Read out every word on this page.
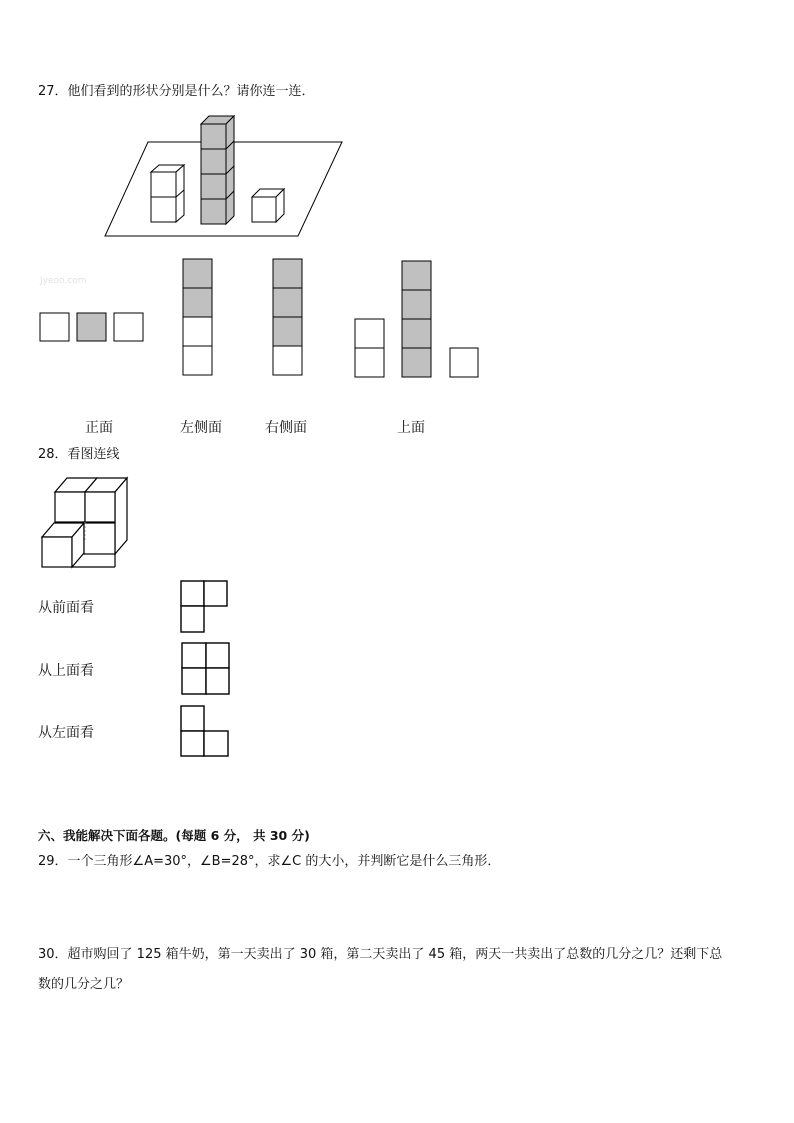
27．他们看到的形状分别是什么？请你连一连．
Jyeoo.com
正面	左侧面	右侧面	上面
28．看图连线
从前面看
从上面看
从左面看
六、我能解决下面各题。(每题 6 分， 共 30 分)
29．一个三角形∠A=30°，∠B=28°，求∠C 的大小，并判断它是什么三角形．
30．超市购回了 125 箱牛奶，第一天卖出了 30 箱，第二天卖出了 45 箱，两天一共卖出了总数的几分之几？还剩下总
数的几分之几？
